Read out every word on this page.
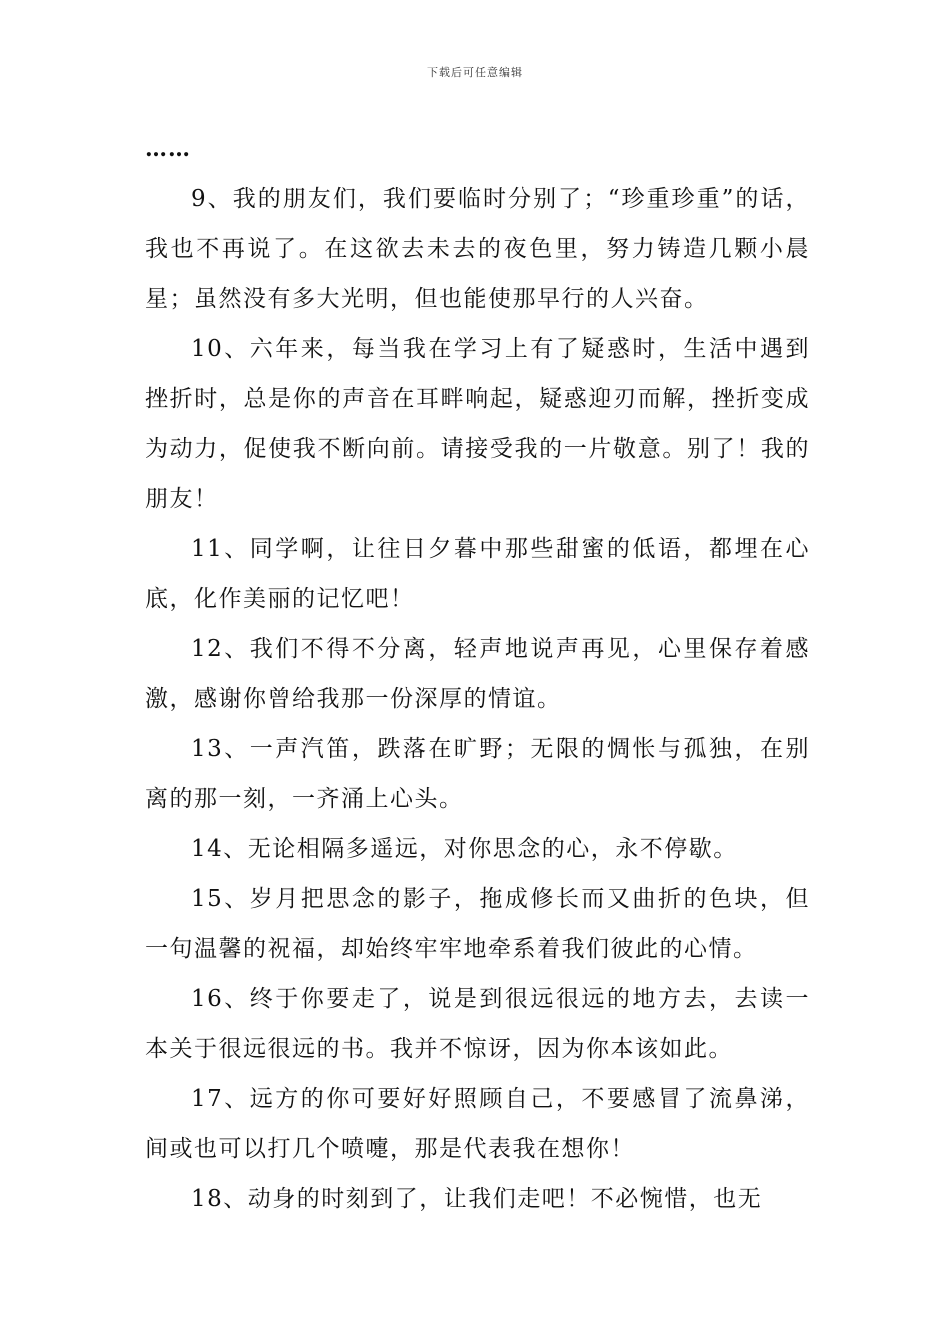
下载后可任意编辑
……

9、我的朋友们，我们要临时分别了；“珍重珍重”的话，我也不再说了。在这欲去未去的夜色里，努力铸造几颗小晨星；虽然没有多大光明，但也能使那早行的人兴奋。

10、六年来，每当我在学习上有了疑惑时，生活中遇到挫折时，总是你的声音在耳畔响起，疑惑迎刃而解，挫折变成为动力，促使我不断向前。请接受我的一片敬意。别了！我的朋友！

11、同学啊，让往日夕暮中那些甜蜜的低语，都埋在心底，化作美丽的记忆吧！

12、我们不得不分离，轻声地说声再见，心里保存着感激，感谢你曾给我那一份深厚的情谊。

13、一声汽笛，跌落在旷野；无限的惆怅与孤独，在别离的那一刻，一齐涌上心头。

14、无论相隔多遥远，对你思念的心，永不停歇。

15、岁月把思念的影子，拖成修长而又曲折的色块，但一句温馨的祝福，却始终牢牢地牵系着我们彼此的心情。

16、终于你要走了，说是到很远很远的地方去，去读一本关于很远很远的书。我并不惊讶，因为你本该如此。

17、远方的你可要好好照顾自己，不要感冒了流鼻涕，间或也可以打几个喷嚏，那是代表我在想你！

18、动身的时刻到了，让我们走吧！不必惋惜，也无
